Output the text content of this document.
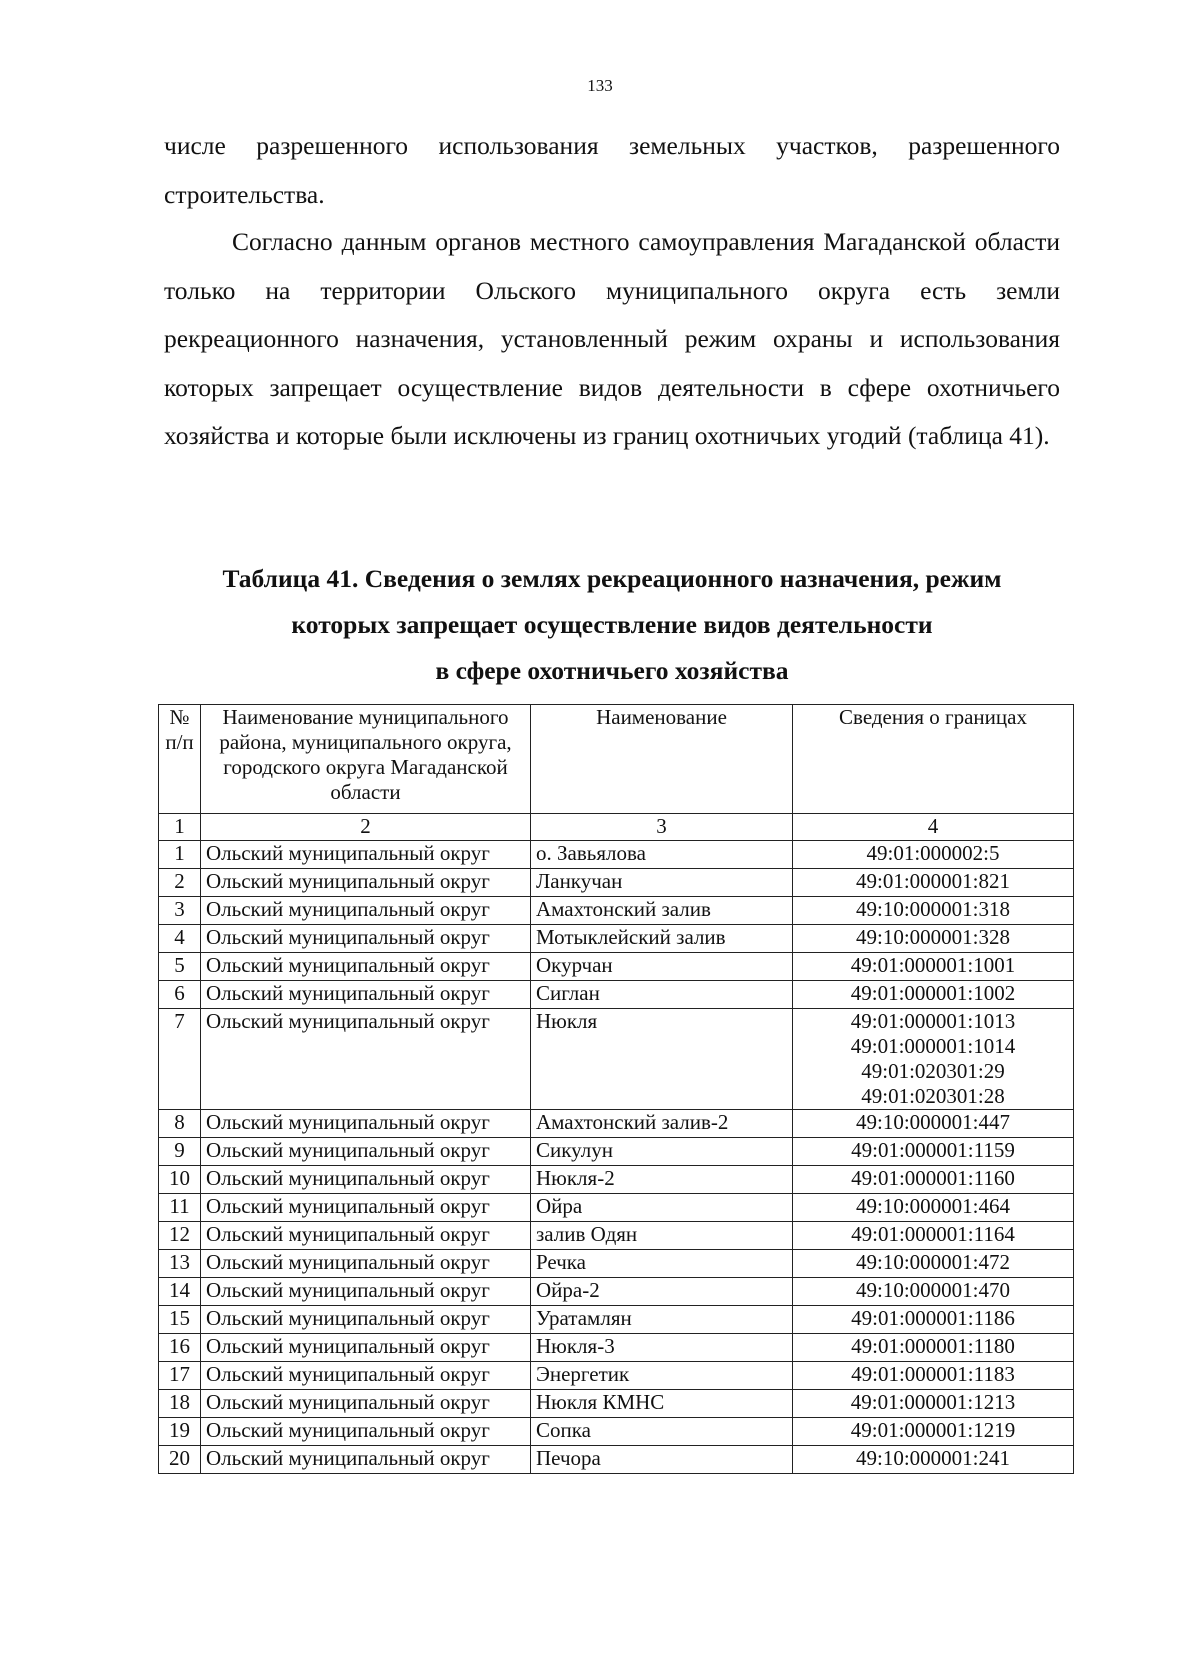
133
числе разрешенного использования земельных участков, разрешенного строительства.
Согласно данным органов местного самоуправления Магаданской области только на территории Ольского муниципального округа есть земли рекреационного назначения, установленный режим охраны и использования которых запрещает осуществление видов деятельности в сфере охотничьего хозяйства и которые были исключены из границ охотничьих угодий (таблица 41).
Таблица 41. Сведения о землях рекреационного назначения, режим
которых запрещает осуществление видов деятельности
в сфере охотничьего хозяйства
№ п/п	Наименование муниципального района, муниципального округа, городского округа Магаданской области	Наименование	Сведения о границах
1	2	3	4
1	Ольский муниципальный округ	о. Завьялова	49:01:000002:5

2	Ольский муниципальный округ	Ланкучан	49:01:000001:821

3	Ольский муниципальный округ	Амахтонский залив	49:10:000001:318

4	Ольский муниципальный округ	Мотыклейский залив	49:10:000001:328

5	Ольский муниципальный округ	Окурчан	49:01:000001:1001

6	Ольский муниципальный округ	Сиглан	49:01:000001:1002

7	Ольский муниципальный округ	Нюкля	49:01:000001:1013
49:01:000001:1014
49:01:020301:29
49:01:020301:28

8	Ольский муниципальный округ	Амахтонский залив-2	49:10:000001:447

9	Ольский муниципальный округ	Сикулун	49:01:000001:1159

10	Ольский муниципальный округ	Нюкля-2	49:01:000001:1160

11	Ольский муниципальный округ	Ойра	49:10:000001:464

12	Ольский муниципальный округ	залив Одян	49:01:000001:1164

13	Ольский муниципальный округ	Речка	49:10:000001:472

14	Ольский муниципальный округ	Ойра-2	49:10:000001:470

15	Ольский муниципальный округ	Уратамлян	49:01:000001:1186

16	Ольский муниципальный округ	Нюкля-3	49:01:000001:1180

17	Ольский муниципальный округ	Энергетик	49:01:000001:1183

18	Ольский муниципальный округ	Нюкля КМНС	49:01:000001:1213

19	Ольский муниципальный округ	Сопка	49:01:000001:1219

20	Ольский муниципальный округ	Печора	49:10:000001:241
